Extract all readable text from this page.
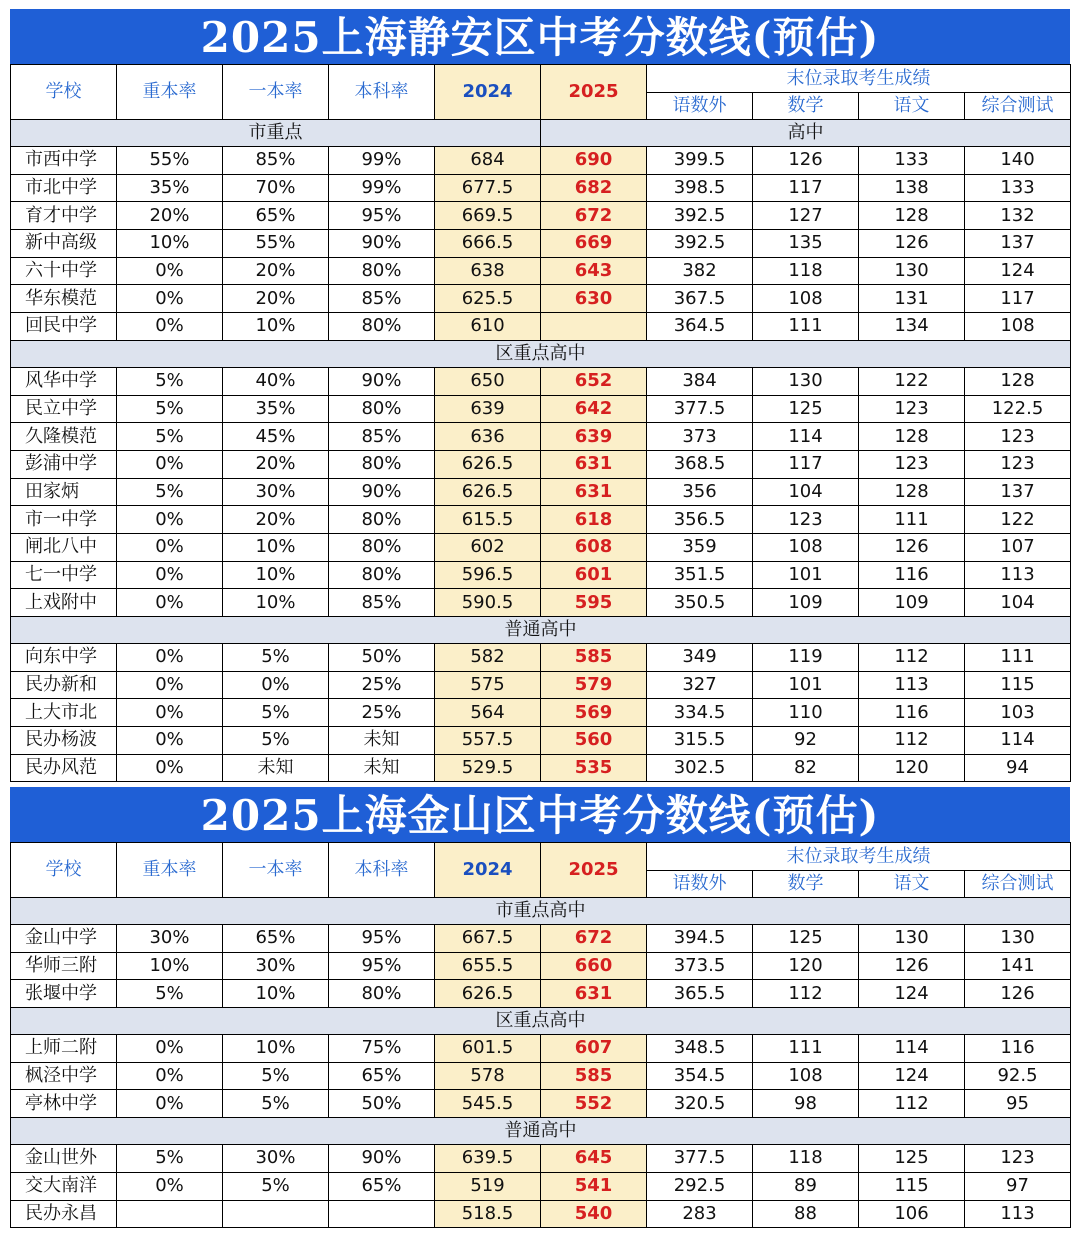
2025上海静安区中考分数线(预估)
学校	重本率	一本率	本科率	2024	2025	末位录取考生成绩			
						语数外	数学	语文	综合测试
市重点					高中				
市西中学	55%	85%	99%	684	690	399.5	126	133	140
市北中学	35%	70%	99%	677.5	682	398.5	117	138	133
育才中学	20%	65%	95%	669.5	672	392.5	127	128	132
新中高级	10%	55%	90%	666.5	669	392.5	135	126	137
六十中学	0%	20%	80%	638	643	382	118	130	124
华东模范	0%	20%	85%	625.5	630	367.5	108	131	117
回民中学	0%	10%	80%	610		364.5	111	134	108
区重点高中									
风华中学	5%	40%	90%	650	652	384	130	122	128
民立中学	5%	35%	80%	639	642	377.5	125	123	122.5
久隆模范	5%	45%	85%	636	639	373	114	128	123
彭浦中学	0%	20%	80%	626.5	631	368.5	117	123	123
田家炳	5%	30%	90%	626.5	631	356	104	128	137
市一中学	0%	20%	80%	615.5	618	356.5	123	111	122
闸北八中	0%	10%	80%	602	608	359	108	126	107
七一中学	0%	10%	80%	596.5	601	351.5	101	116	113
上戏附中	0%	10%	85%	590.5	595	350.5	109	109	104
普通高中									
向东中学	0%	5%	50%	582	585	349	119	112	111
民办新和	0%	0%	25%	575	579	327	101	113	115
上大市北	0%	5%	25%	564	569	334.5	110	116	103
民办杨波	0%	5%	未知	557.5	560	315.5	92	112	114
民办风范	0%	未知	未知	529.5	535	302.5	82	120	94
2025上海金山区中考分数线(预估)
学校	重本率	一本率	本科率	2024	2025	末位录取考生成绩			
						语数外	数学	语文	综合测试
市重点高中									
金山中学	30%	65%	95%	667.5	672	394.5	125	130	130
华师三附	10%	30%	95%	655.5	660	373.5	120	126	141
张堰中学	5%	10%	80%	626.5	631	365.5	112	124	126
区重点高中									
上师二附	0%	10%	75%	601.5	607	348.5	111	114	116
枫泾中学	0%	5%	65%	578	585	354.5	108	124	92.5
亭林中学	0%	5%	50%	545.5	552	320.5	98	112	95
普通高中									
金山世外	5%	30%	90%	639.5	645	377.5	118	125	123
交大南洋	0%	5%	65%	519	541	292.5	89	115	97
民办永昌				518.5	540	283	88	106	113
